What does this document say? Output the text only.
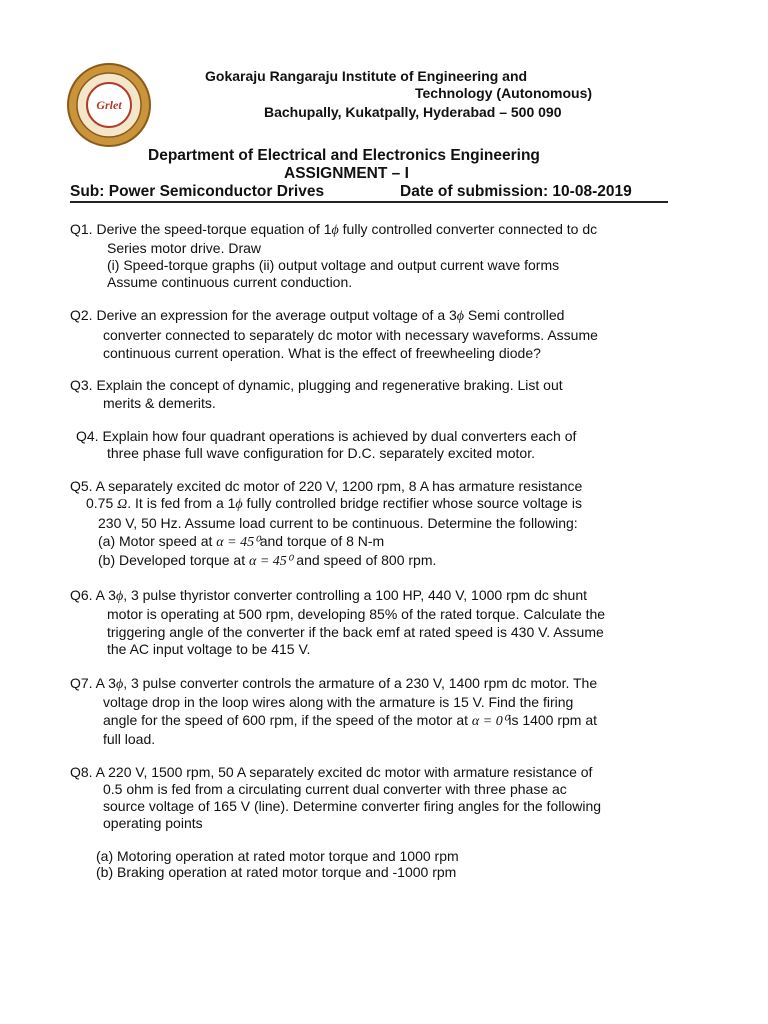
Grlet
Gokaraju Rangaraju Institute of Engineering and
Technology (Autonomous)
Bachupally, Kukatpally, Hyderabad – 500 090
Department of Electrical and Electronics Engineering
ASSIGNMENT – I
Sub: Power Semiconductor Drives	Date of submission: 10-08-2019
Q1. Derive the speed-torque equation of 1ϕ fully controlled converter connected to dc
Series motor drive. Draw
(i) Speed-torque graphs (ii) output voltage and output current wave forms
Assume continuous current conduction.
Q2. Derive an expression for the average output voltage of a 3ϕ Semi controlled
converter connected to separately dc motor with necessary waveforms. Assume
continuous current operation. What is the effect of freewheeling diode?
Q3. Explain the concept of dynamic, plugging and regenerative braking. List out
merits & demerits.
Q4. Explain how four quadrant operations is achieved by dual converters each of
three phase full wave configuration for D.C. separately excited motor.
Q5. A separately excited dc motor of 220 V, 1200 rpm, 8 A has armature resistance
0.75 Ω. It is fed from a 1ϕ fully controlled bridge rectifier whose source voltage is
230 V, 50 Hz. Assume load current to be continuous. Determine the following:
(a) Motor speed at α = 45⁰and torque of 8 N-m
(b) Developed torque at α = 45⁰ and speed of 800 rpm.
Q6. A 3ϕ, 3 pulse thyristor converter controlling a 100 HP, 440 V, 1000 rpm dc shunt
motor is operating at 500 rpm, developing 85% of the rated torque. Calculate the
triggering angle of the converter if the back emf at rated speed is 430 V. Assume
the AC input voltage to be 415 V.
Q7. A 3ϕ, 3 pulse converter controls the armature of a 230 V, 1400 rpm dc motor. The
voltage drop in the loop wires along with the armature is 15 V. Find the firing
angle for the speed of 600 rpm, if the speed of the motor at α = 0⁰is 1400 rpm at
full load.
Q8. A 220 V, 1500 rpm, 50 A separately excited dc motor with armature resistance of
0.5 ohm is fed from a circulating current dual converter with three phase ac
source voltage of 165 V (line). Determine converter firing angles for the following
operating points
(a) Motoring operation at rated motor torque and 1000 rpm
(b) Braking operation at rated motor torque and -1000 rpm
